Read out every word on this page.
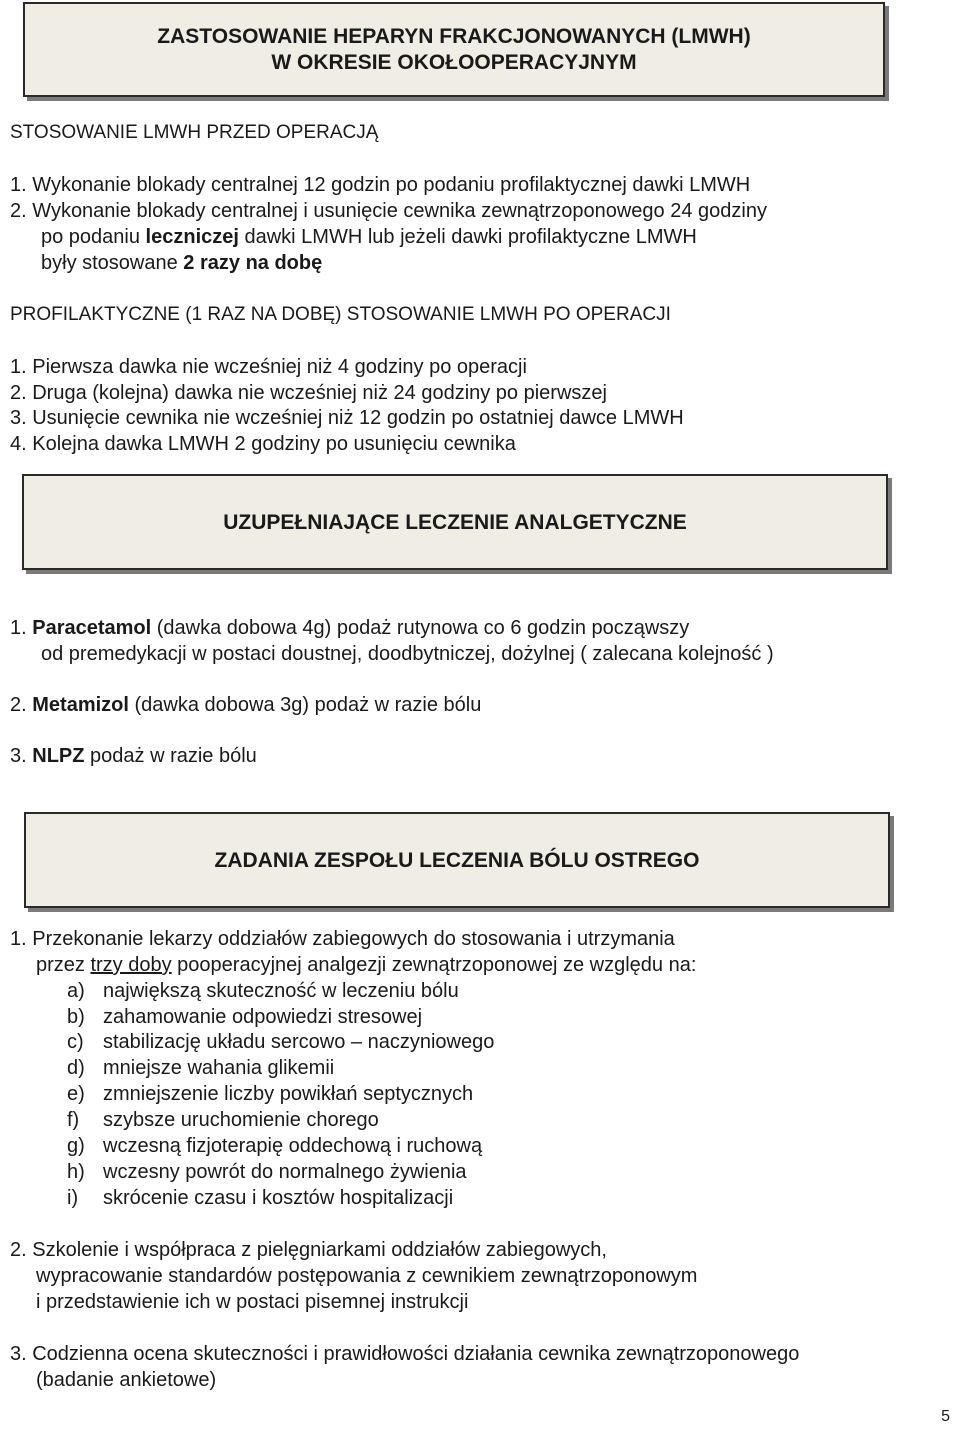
ZASTOSOWANIE HEPARYN FRAKCJONOWANYCH (LMWH)
W OKRESIE OKOŁOOPERACYJNYM
STOSOWANIE LMWH PRZED OPERACJĄ
1. Wykonanie blokady centralnej 12 godzin po podaniu profilaktycznej dawki LMWH
2. Wykonanie blokady centralnej i usunięcie cewnika zewnątrzoponowego 24 godziny
po podaniu leczniczej dawki LMWH lub jeżeli dawki profilaktyczne LMWH
były stosowane 2 razy na dobę
PROFILAKTYCZNE (1 RAZ NA DOBĘ) STOSOWANIE LMWH PO OPERACJI
1. Pierwsza dawka nie wcześniej niż 4 godziny po operacji
2. Druga (kolejna) dawka nie wcześniej niż 24 godziny po pierwszej
3. Usunięcie cewnika nie wcześniej niż 12 godzin po ostatniej dawce LMWH
4. Kolejna dawka LMWH 2 godziny po usunięciu cewnika
UZUPEŁNIAJĄCE LECZENIE ANALGETYCZNE
1. Paracetamol (dawka dobowa 4g) podaż rutynowa co 6 godzin począwszy
od premedykacji w postaci doustnej, doodbytniczej, dożylnej ( zalecana kolejność )
2. Metamizol (dawka dobowa 3g) podaż w razie bólu
3. NLPZ podaż w razie bólu
ZADANIA ZESPOŁU LECZENIA BÓLU OSTREGO
1. Przekonanie lekarzy oddziałów zabiegowych do stosowania i utrzymania
przez trzy doby pooperacyjnej analgezji zewnątrzoponowej ze względu na:
a) największą skuteczność w leczeniu bólu
b) zahamowanie odpowiedzi stresowej
c) stabilizację układu sercowo – naczyniowego
d) mniejsze wahania glikemii
e) zmniejszenie liczby powikłań septycznych
f) szybsze uruchomienie chorego
g) wczesną fizjoterapię oddechową i ruchową
h) wczesny powrót do normalnego żywienia
i) skrócenie czasu i kosztów hospitalizacji
2. Szkolenie i współpraca z pielęgniarkami oddziałów zabiegowych,
wypracowanie standardów postępowania z cewnikiem zewnątrzoponowym
i przedstawienie ich w postaci pisemnej instrukcji
3. Codzienna ocena skuteczności i prawidłowości działania cewnika zewnątrzoponowego
(badanie ankietowe)
5
